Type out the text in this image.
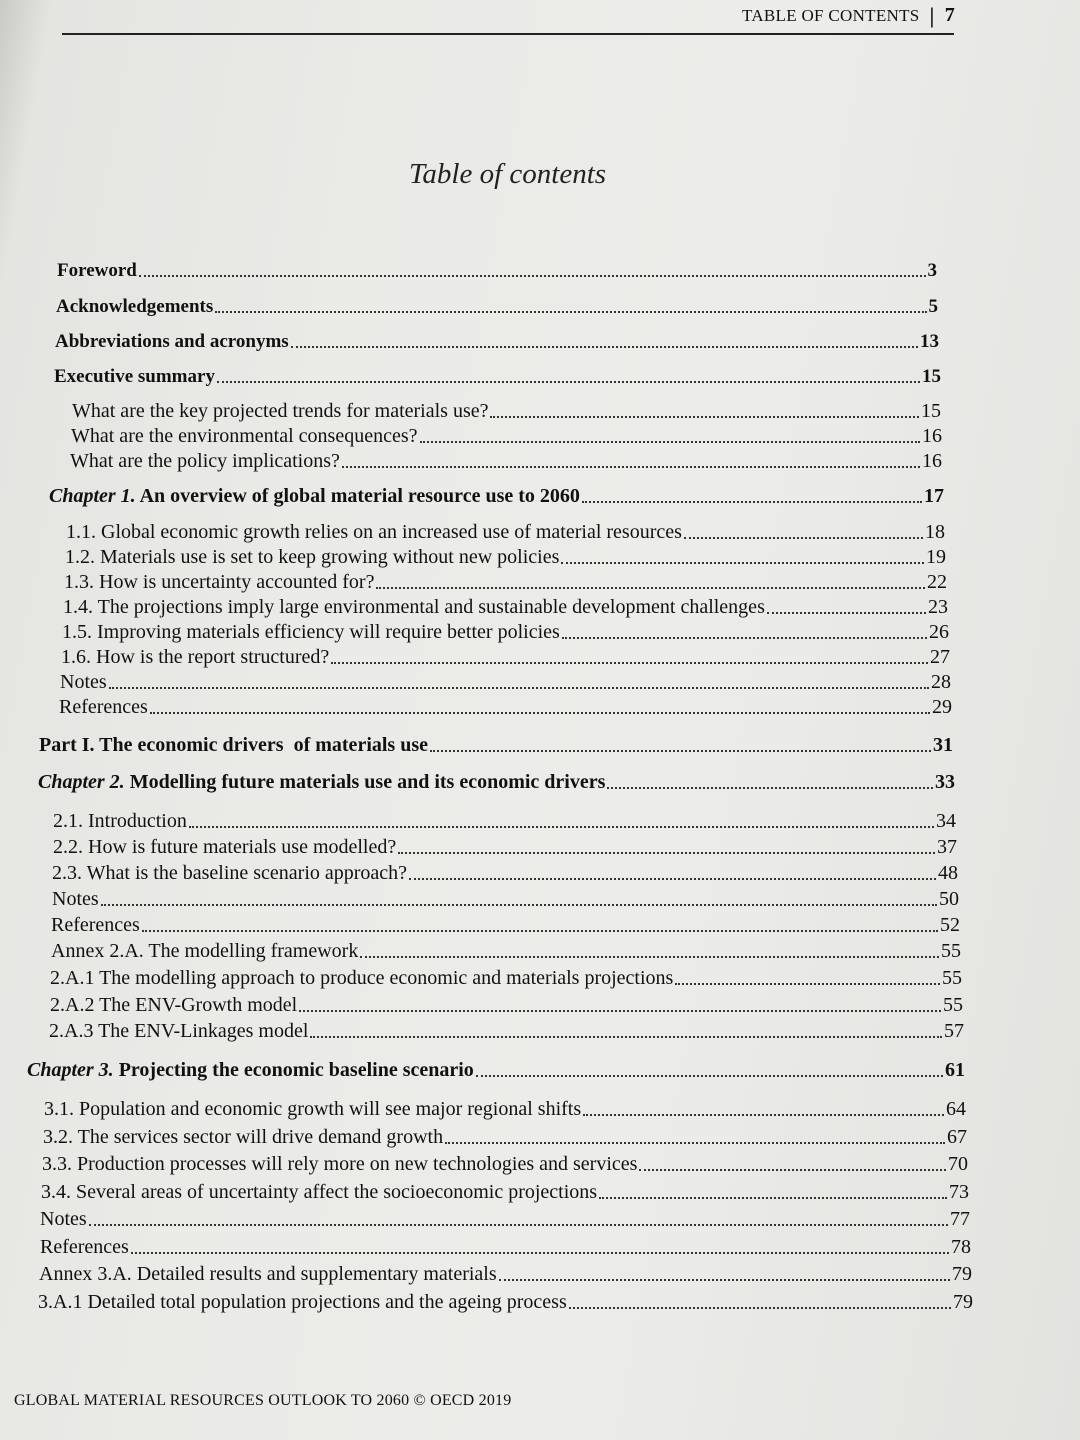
TABLE OF CONTENTS | 7
Table of contents
Foreword	3
Acknowledgements	5
Abbreviations and acronyms	13
Executive summary	15
What are the key projected trends for materials use?	15
What are the environmental consequences?	16
What are the policy implications?	16
Chapter 1. An overview of global material resource use to 2060	17
1.1. Global economic growth relies on an increased use of material resources	18
1.2. Materials use is set to keep growing without new policies	19
1.3. How is uncertainty accounted for?	22
1.4. The projections imply large environmental and sustainable development challenges	23
1.5. Improving materials efficiency will require better policies	26
1.6. How is the report structured?	27
Notes	28
References	29
Part I. The economic drivers  of materials use	31
Chapter 2. Modelling future materials use and its economic drivers	33
2.1. Introduction	34
2.2. How is future materials use modelled?	37
2.3. What is the baseline scenario approach?	48
Notes	50
References	52
Annex 2.A. The modelling framework	55
2.A.1 The modelling approach to produce economic and materials projections	55
2.A.2 The ENV-Growth model	55
2.A.3 The ENV-Linkages model	57
Chapter 3. Projecting the economic baseline scenario	61
3.1. Population and economic growth will see major regional shifts	64
3.2. The services sector will drive demand growth	67
3.3. Production processes will rely more on new technologies and services	70
3.4. Several areas of uncertainty affect the socioeconomic projections	73
Notes	77
References	78
Annex 3.A. Detailed results and supplementary materials	79
3.A.1 Detailed total population projections and the ageing process	79
GLOBAL MATERIAL RESOURCES OUTLOOK TO 2060 © OECD 2019
